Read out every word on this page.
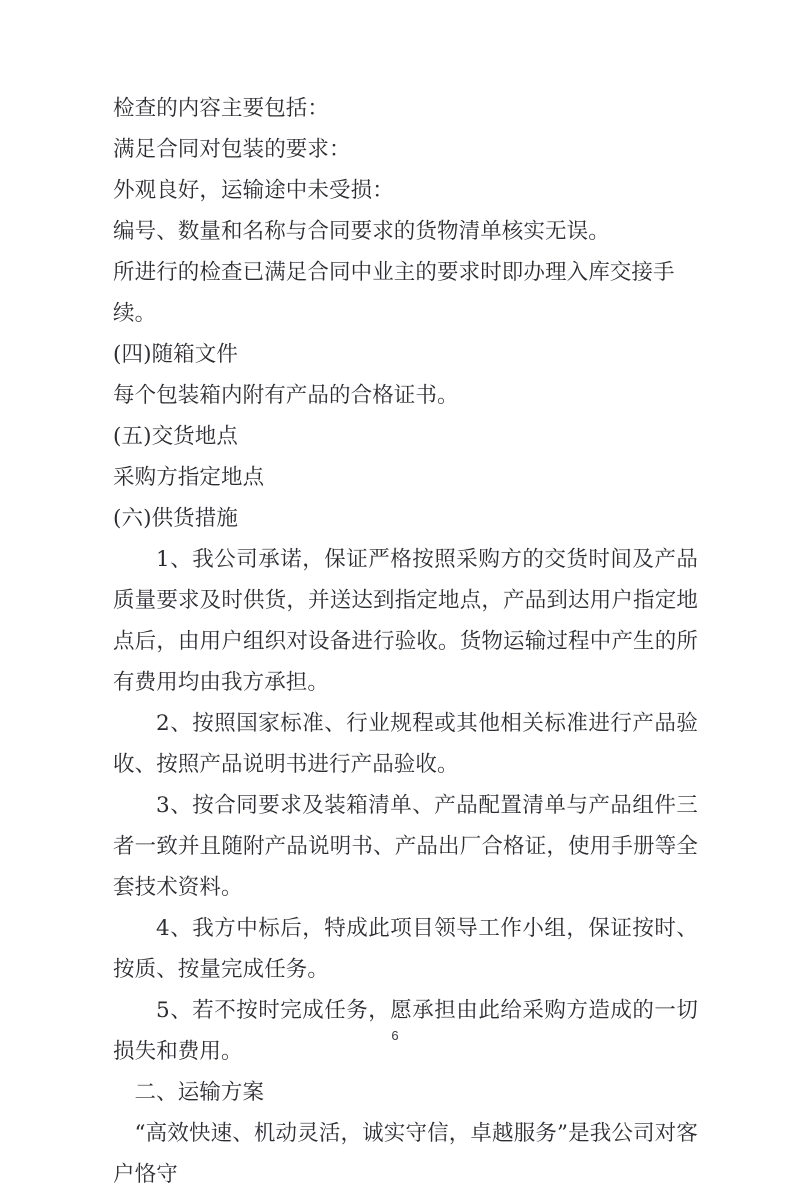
检查的内容主要包括：

满足合同对包装的要求：

外观良好，运输途中未受损：

编号、数量和名称与合同要求的货物清单核实无误。

所进行的检查已满足合同中业主的要求时即办理入库交接手续。

(四)随箱文件

每个包装箱内附有产品的合格证书。

(五)交货地点

采购方指定地点

(六)供货措施

1、我公司承诺，保证严格按照采购方的交货时间及产品质量要求及时供货，并送达到指定地点，产品到达用户指定地点后，由用户组织对设备进行验收。货物运输过程中产生的所有费用均由我方承担。

2、按照国家标准、行业规程或其他相关标准进行产品验收、按照产品说明书进行产品验收。

3、按合同要求及装箱清单、产品配置清单与产品组件三者一致并且随附产品说明书、产品出厂合格证，使用手册等全套技术资料。

4、我方中标后，特成此项目领导工作小组，保证按时、按质、按量完成任务。

5、若不按时完成任务，愿承担由此给采购方造成的一切损失和费用。

二、运输方案

“高效快速、机动灵活，诚实守信，卓越服务”是我公司对客户恪守

6
